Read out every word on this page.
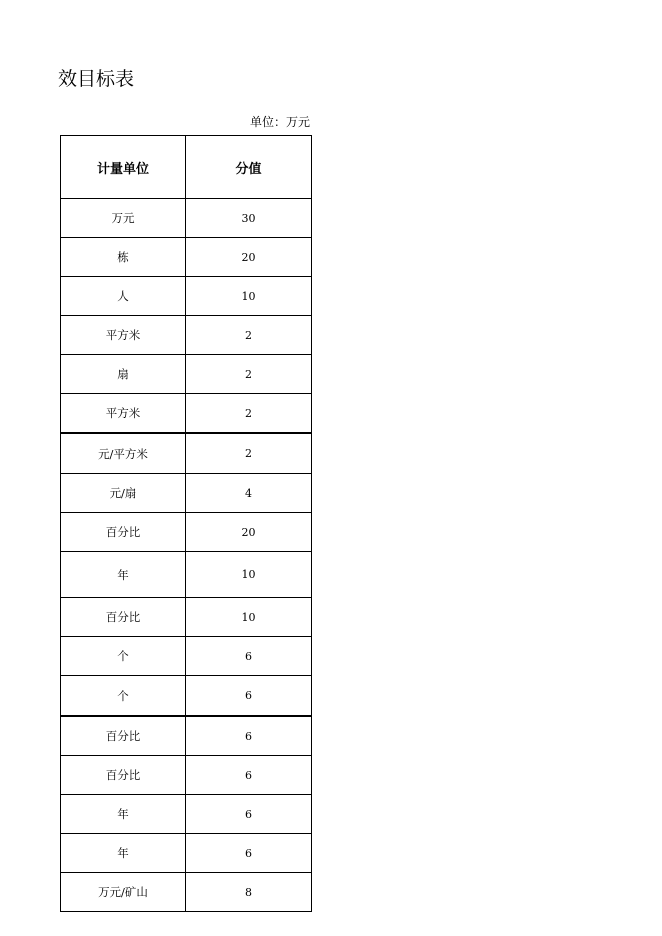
效目标表
单位：万元
计量单位	分值
万元	30
栋	20
人	10
平方米	2
扇	2
平方米	2
元/平方米	2
元/扇	4
百分比	20
年	10
百分比	10
个	6
个	6
百分比	6
百分比	6
年	6
年	6
万元/矿山	8
